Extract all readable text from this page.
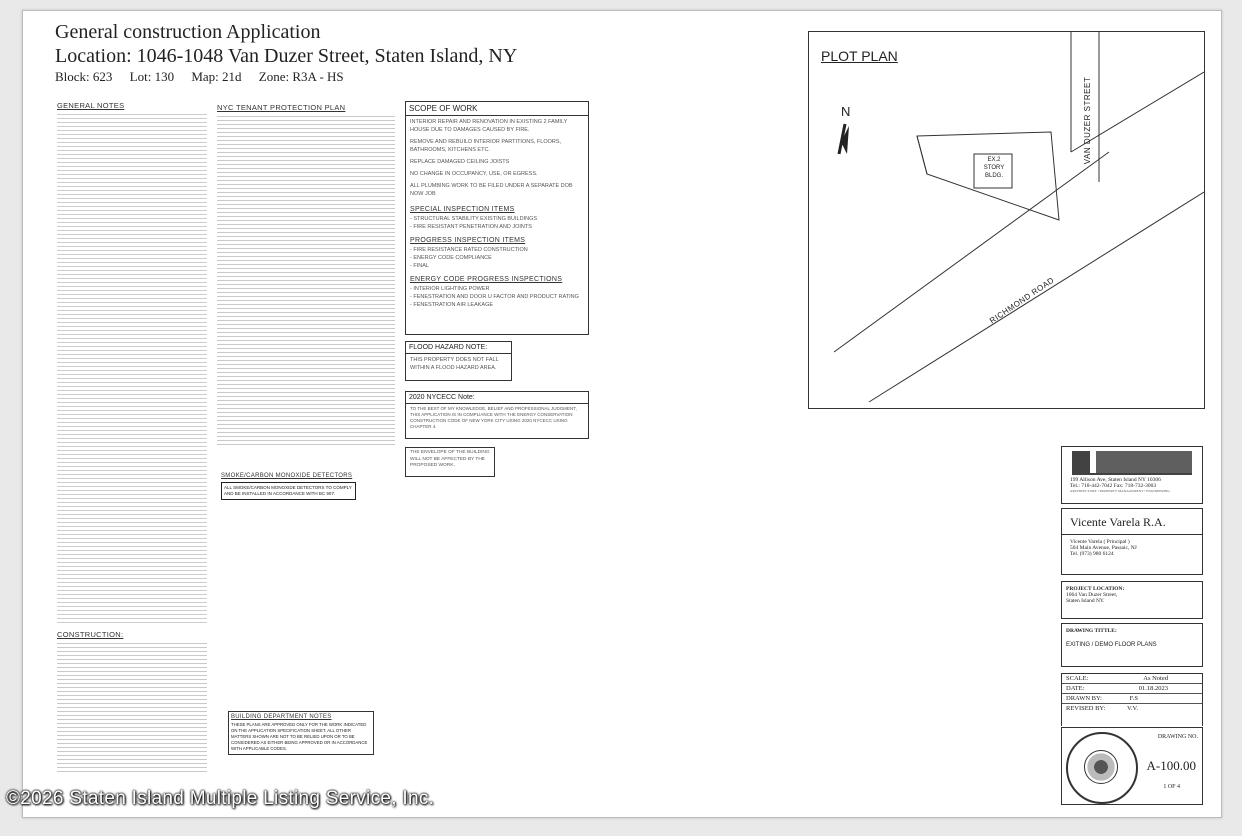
General construction Application
Location: 1046-1048 Van Duzer Street, Staten Island, NY
Block: 623 Lot: 130 Map: 21d Zone: R3A - HS
GENERAL NOTES
CONSTRUCTION:
NYC TENANT PROTECTION PLAN
SMOKE/CARBON MONOXIDE DETECTORS
ALL SMOKE/CARBON MONOXIDE DETECTORS TO COMPLY AND BE INSTALLED IN ACCORDANCE WITH BC 907.
BUILDING DEPARTMENT NOTES
THESE PLANS ARE APPROVED ONLY FOR THE WORK INDICATED ON THE APPLICATION SPECIFICATION SHEET. ALL OTHER MATTERS SHOWN ARE NOT TO BE RELIED UPON OR TO BE CONSIDERED AS EITHER BEING APPROVED OR IN ACCORDANCE WITH APPLICABLE CODES.
SCOPE OF WORK
INTERIOR REPAIR AND RENOVATION IN EXISTING 2 FAMILY HOUSE DUE TO DAMAGES CAUSED BY FIRE.
REMOVE AND REBUILD INTERIOR PARTITIONS, FLOORS, BATHROOMS, KITCHENS ETC.
REPLACE DAMAGED CEILING JOISTS
NO CHANGE IN OCCUPANCY, USE, OR EGRESS.
ALL PLUMBING WORK TO BE FILED UNDER A SEPARATE DOB NOW JOB
SPECIAL INSPECTION ITEMS
- STRUCTURAL STABILITY EXISTING BUILDINGS
- FIRE RESISTANT PENETRATION AND JOINTS
PROGRESS INSPECTION ITEMS
- FIRE RESISTANCE RATED CONSTRUCTION
- ENERGY CODE COMPLIANCE
- FINAL
ENERGY CODE PROGRESS INSPECTIONS
- INTERIOR LIGHTING POWER
- FENESTRATION AND DOOR U FACTOR AND PRODUCT RATING
- FENESTRATION AIR LEAKAGE
FLOOD HAZARD NOTE:
THIS PROPERTY DOES NOT FALL WITHIN A FLOOD HAZARD AREA.
2020 NYCECC Note:
TO THE BEST OF MY KNOWLEDGE, BELIEF AND PROFESSIONAL JUDGMENT, THIS APPLICATION IS IN COMPLIANCE WITH THE ENERGY CONSERVATION CONSTRUCTION CODE OF NEW YORK CITY USING 2020 NYCECC USING CHAPTER 4.
THE ENVELOPE OF THE BUILDING WILL NOT BE AFFECTED BY THE PROPOSED WORK.
PLOT PLAN
N
EX.2 STORY BLDG.
VAN DUZER STREET
RICHMOND ROAD
199 Allison Ave, Staten Island NY 10306
Tel.: 718-442-7042 Fax: 718-732-3003
ARCHITECTURE • PROPERTY MANAGEMENT • ENGINEERING
Vicente Varela R.A.
Vicente Varela ( Principal )
504 Main Avenue, Passaic, NJ
Tel. (973) 980 6124
PROJECT LOCATION:
1064 Van Duzer Street,
Staten Island NY.
DRAWING TITTLE:
EXITING / DEMO FLOOR PLANS
SCALE:	As Noted
DATE:	01.18.2023
DRAWN BY:	F.S
REVISED BY:	V.V.
DRAWING NO.
A-100.00
1 OF 4
©2026 Staten Island Multiple Listing Service, Inc.
